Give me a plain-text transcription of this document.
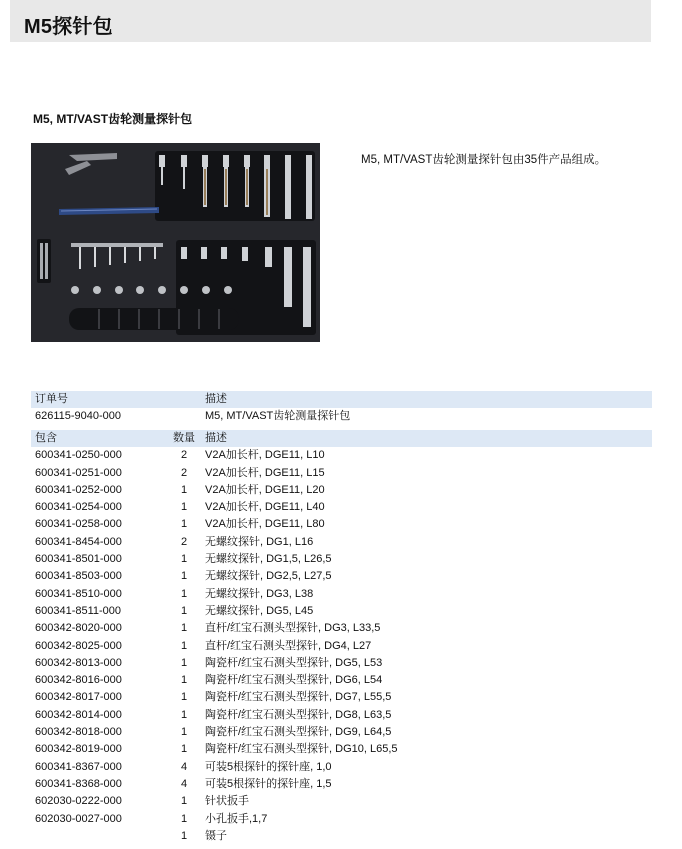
M5探针包
M5, MT/VAST齿轮测量探针包
M5, MT/VAST齿轮测量探针包由35件产品组成。
订单号		描述
626115-9040-000		M5, MT/VAST齿轮测量探针包
包含	数量	描述
600341-0250-000	2	V2A加长杆, DGE11, L10
600341-0251-000	2	V2A加长杆, DGE11, L15
600341-0252-000	1	V2A加长杆, DGE11, L20
600341-0254-000	1	V2A加长杆, DGE11, L40
600341-0258-000	1	V2A加长杆, DGE11, L80
600341-8454-000	2	无螺纹探针, DG1, L16
600341-8501-000	1	无螺纹探针, DG1,5, L26,5
600341-8503-000	1	无螺纹探针, DG2,5, L27,5
600341-8510-000	1	无螺纹探针, DG3, L38
600341-8511-000	1	无螺纹探针, DG5, L45
600342-8020-000	1	直杆/红宝石测头型探针, DG3, L33,5
600342-8025-000	1	直杆/红宝石测头型探针, DG4, L27
600342-8013-000	1	陶瓷杆/红宝石测头型探针, DG5, L53
600342-8016-000	1	陶瓷杆/红宝石测头型探针, DG6, L54
600342-8017-000	1	陶瓷杆/红宝石测头型探针, DG7, L55,5
600342-8014-000	1	陶瓷杆/红宝石测头型探针, DG8, L63,5
600342-8018-000	1	陶瓷杆/红宝石测头型探针, DG9, L64,5
600342-8019-000	1	陶瓷杆/红宝石测头型探针, DG10, L65,5
600341-8367-000	4	可装5根探针的探针座, 1,0
600341-8368-000	4	可装5根探针的探针座, 1,5
602030-0222-000	1	针状扳手
602030-0027-000	1	小孔扳手,1,7
	1	镊子
